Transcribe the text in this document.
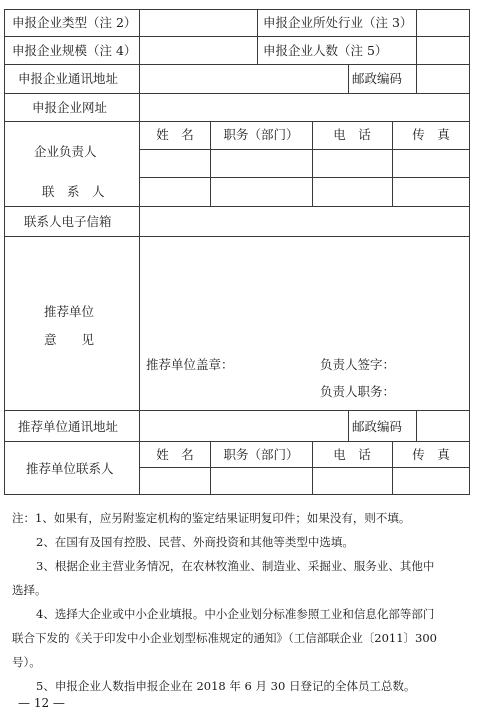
申报企业类型（注 2）	申报企业所处行业（注 3）
申报企业规模（注 4）	申报企业人数（注 5）
申报企业通讯地址	邮政编码
申报企业网址
企业负责人
姓　名 职务（部门）	电　话	传　真
联　系　人
联系人电子信箱
推荐单位
意　　见
推荐单位盖章：	负责人签字：
负责人职务：
推荐单位通讯地址	邮政编码
推荐单位联系人
姓　名 职务（部门）	电　话	传　真

注：1、如果有，应另附鉴定机构的鉴定结果证明复印件；如果没有，则不填。

2、在国有及国有控股、民营、外商投资和其他等类型中选填。

3、根据企业主营业务情况，在农林牧渔业、制造业、采掘业、服务业、其他中

选择。

4、选择大企业或中小企业填报。中小企业划分标准参照工业和信息化部等部门

联合下发的《关于印发中小企业划型标准规定的通知》（工信部联企业〔2011〕300

号）。

5、申报企业人数指申报企业在 2018 年 6 月 30 日登记的全体员工总数。

— 12 —
